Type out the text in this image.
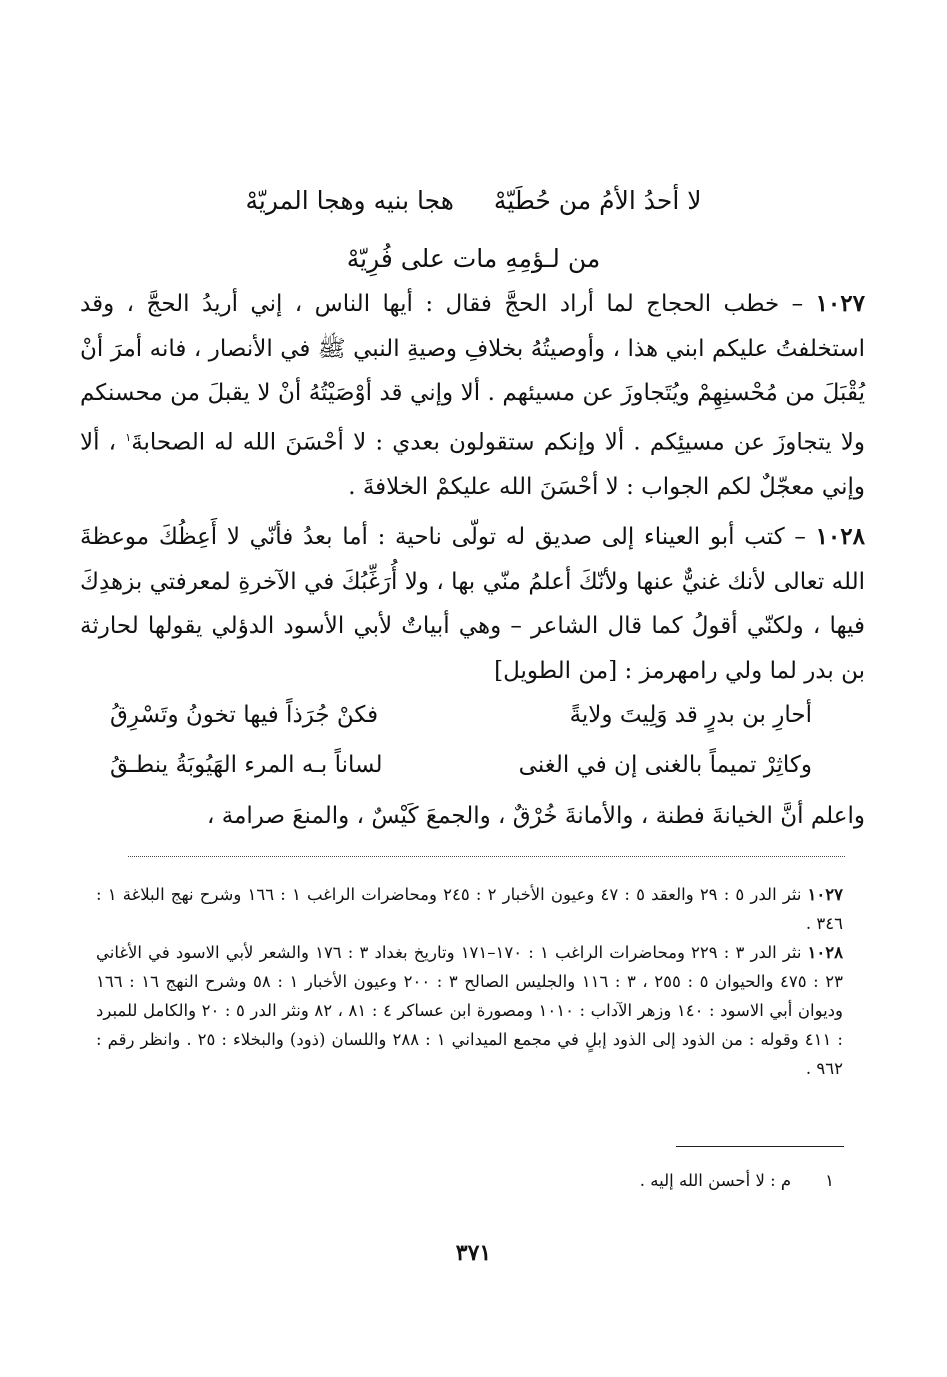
لا أحدُ الأمُ من حُطَيّهْ
هجا بنيه وهجا المريّهْ
من لـؤمِهِ مات على فُرِيّهْ

١٠٢٧ – خطب الحجاج لما أراد الحجَّ فقال : أيها الناس ، إني أريدُ الحجَّ ، وقد استخلفتُ عليكم ابني هذا ، وأوصيتُهُ بخلافِ وصيةِ النبي ﷺ في الأنصار ، فانه أمرَ أنْ يُقْبَلَ من مُحْسنِهِمْ ويُتَجاوزَ عن مسيئهم . ألا وإني قد أوْصَيْتُهُ أنْ لا يقبلَ من محسنكم ولا يتجاوزَ عن مسيئِكم . ألا وإنكم ستقولون بعدي : لا أحْسَنَ الله له الصحابةَ$^١$ ، ألا وإني معجّلٌ لكم الجواب : لا أحْسَنَ الله عليكمْ الخلافةَ .

١٠٢٨ – كتب أبو العيناء إلى صديق له تولّى ناحية : أما بعدُ فأنّي لا أَعِظُكَ موعظةَ الله تعالى لأنك غنيٌّ عنها ولأنّكَ أعلمُ منّي بها ، ولا أُرَغِّبُكَ في الآخرةِ لمعرفتي بزهدِكَ فيها ، ولكنّي أقولُ كما قال الشاعر – وهي أبياتٌ لأبي الأسود الدؤلي يقولها لحارثة بن بدر لما ولي رامهرمز : [من الطويل]

أحارِ بن بدرٍ قد وَلِيتَ ولايةً
فكنْ جُرَذاً فيها تخونُ وتَسْرِقُ
وكاثِرْ تميماً بالغنى إن في الغنى
لساناً بـه المرء الهَيُوبَةُ ينطـقُ
واعلم أنَّ الخيانةَ فطنة ، والأمانةَ خُرْقٌ ، والجمعَ كَيْسٌ ، والمنعَ صرامة ،

١٠٢٧نثر الدر ٥ : ٢٩ والعقد ٥ : ٤٧ وعيون الأخبار ٢ : ٢٤٥ ومحاضرات الراغب ١ : ١٦٦ وشرح نهج البلاغة ١ : ٣٤٦ .

١٠٢٨نثر الدر ٣ : ٢٢٩ ومحاضرات الراغب ١ : ١٧٠–١٧١ وتاريخ بغداد ٣ : ١٧٦ والشعر لأبي الاسود في الأغاني ٢٣ : ٤٧٥ والحيوان ٥ : ٢٥٥ ، ٣ : ١١٦ والجليس الصالح ٣ : ٢٠٠ وعيون الأخبار ١ : ٥٨ وشرح النهج ١٦ : ١٦٦ وديوان أبي الاسود : ١٤٠ وزهر الآداب : ١٠١٠ ومصورة ابن عساكر ٤ : ٨١ ، ٨٢ ونثر الدر ٥ : ٢٠ والكامل للمبرد : ٤١١ وقوله : من الذود إلى الذود إبلٍ في مجمع الميداني ١ : ٢٨٨ واللسان (ذود) والبخلاء : ٢٥ . وانظر رقم : ٩٦٢ .

١م : لا أحسن الله إليه .
٣٧١
